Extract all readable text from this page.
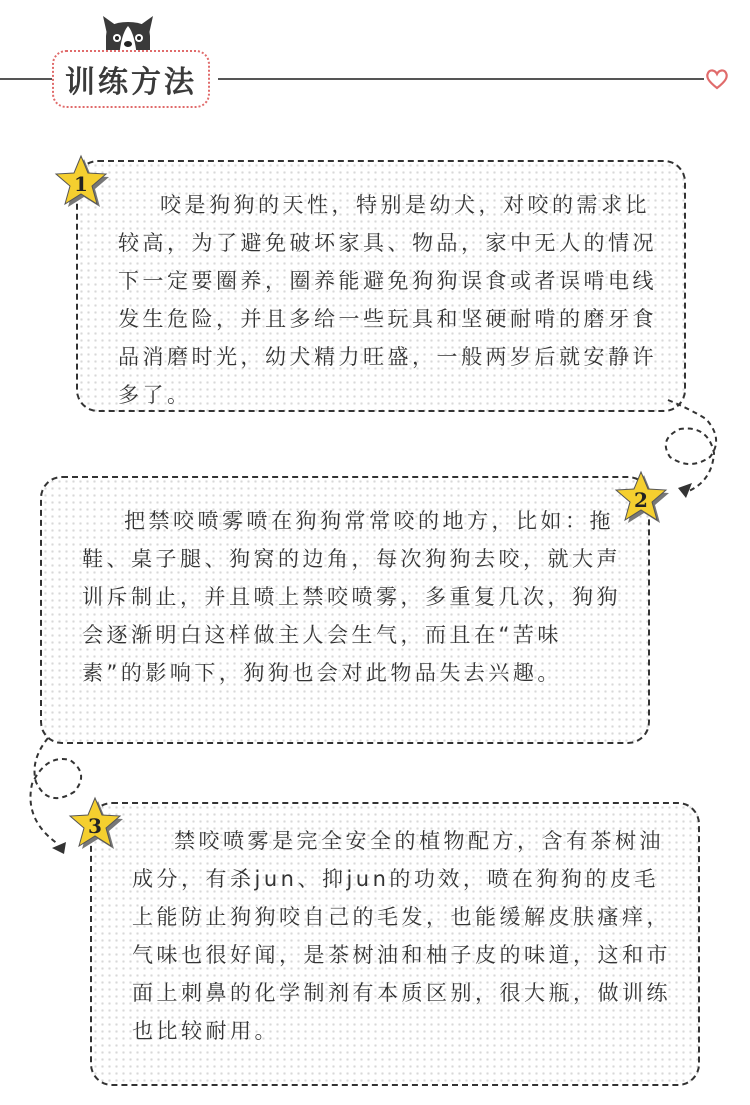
训练方法
咬是狗狗的天性，特别是幼犬，对咬的需求比较高，为了避免破坏家具、物品，家中无人的情况下一定要圈养，圈养能避免狗狗误食或者误啃电线发生危险，并且多给一些玩具和坚硬耐啃的磨牙食品消磨时光，幼犬精力旺盛，一般两岁后就安静许多了。
1
把禁咬喷雾喷在狗狗常常咬的地方，比如：拖鞋、桌子腿、狗窝的边角，每次狗狗去咬，就大声训斥制止，并且喷上禁咬喷雾，多重复几次，狗狗会逐渐明白这样做主人会生气，而且在“苦味素”的影响下，狗狗也会对此物品失去兴趣。
2
禁咬喷雾是完全安全的植物配方，含有茶树油成分，有杀jun、抑jun的功效，喷在狗狗的皮毛上能防止狗狗咬自己的毛发，也能缓解皮肤瘙痒，气味也很好闻，是茶树油和柚子皮的味道，这和市面上刺鼻的化学制剂有本质区别，很大瓶，做训练也比较耐用。
3
